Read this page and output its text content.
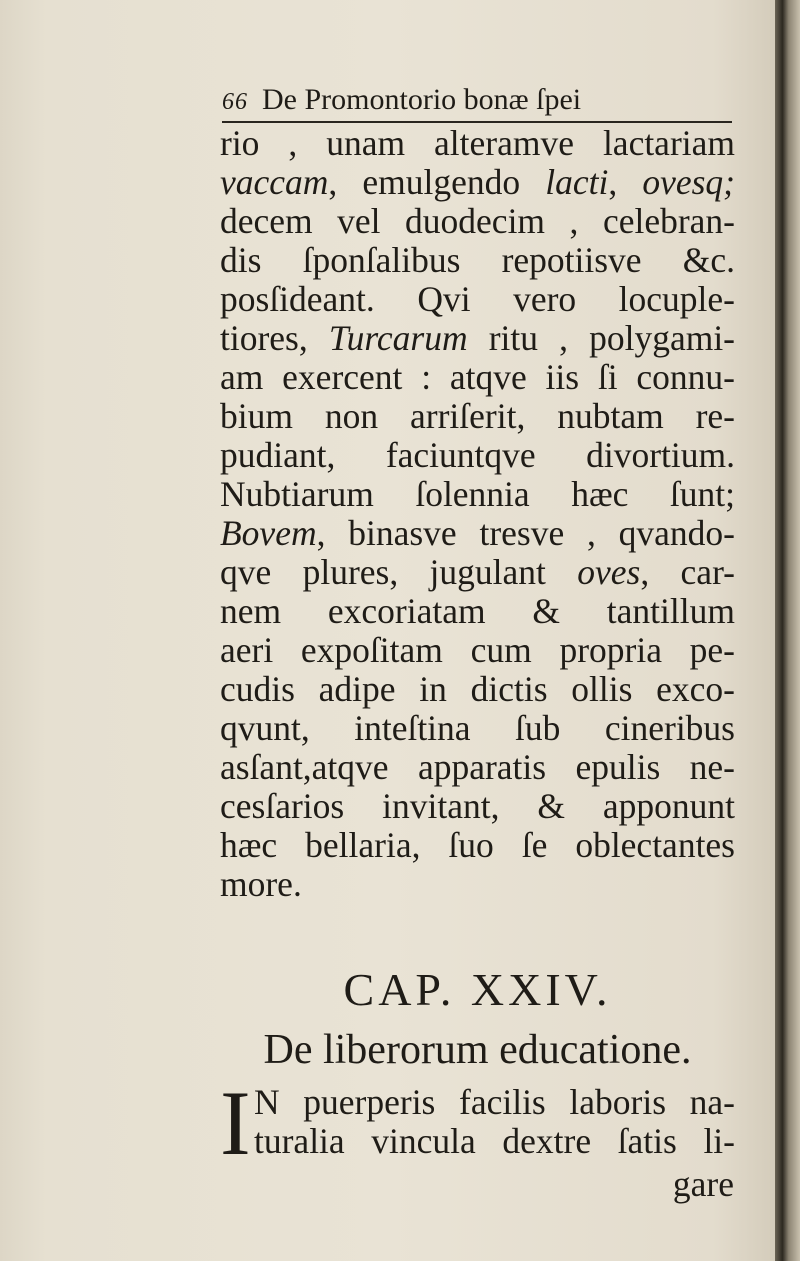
66 De Promontorio bonæ ſpei
rio , unam alteramve lactariam
vaccam, emulgendo lacti, ovesq;
decem vel duodecim , celebran-
dis ſponſalibus repotiisve &c.
posſideant. Qvi vero locuple-
tiores, Turcarum ritu , polygami-
am exercent : atqve iis ſi connu-
bium non arriſerit, nubtam re-
pudiant, faciuntqve divortium.
Nubtiarum ſolennia hæc ſunt;
Bovem, binasve tresve , qvando-
qve plures, jugulant oves, car-
nem excoriatam & tantillum
aeri expoſitam cum propria pe-
cudis adipe in dictis ollis exco-
qvunt, inteſtina ſub cineribus
asſant,atqve apparatis epulis ne-
cesſarios invitant, & apponunt
hæc bellaria, ſuo ſe oblectantes
more.
CAP. XXIV.
De liberorum educatione.
I N puerperis facilis laboris na-
turalia vincula dextre ſatis li-
gare
